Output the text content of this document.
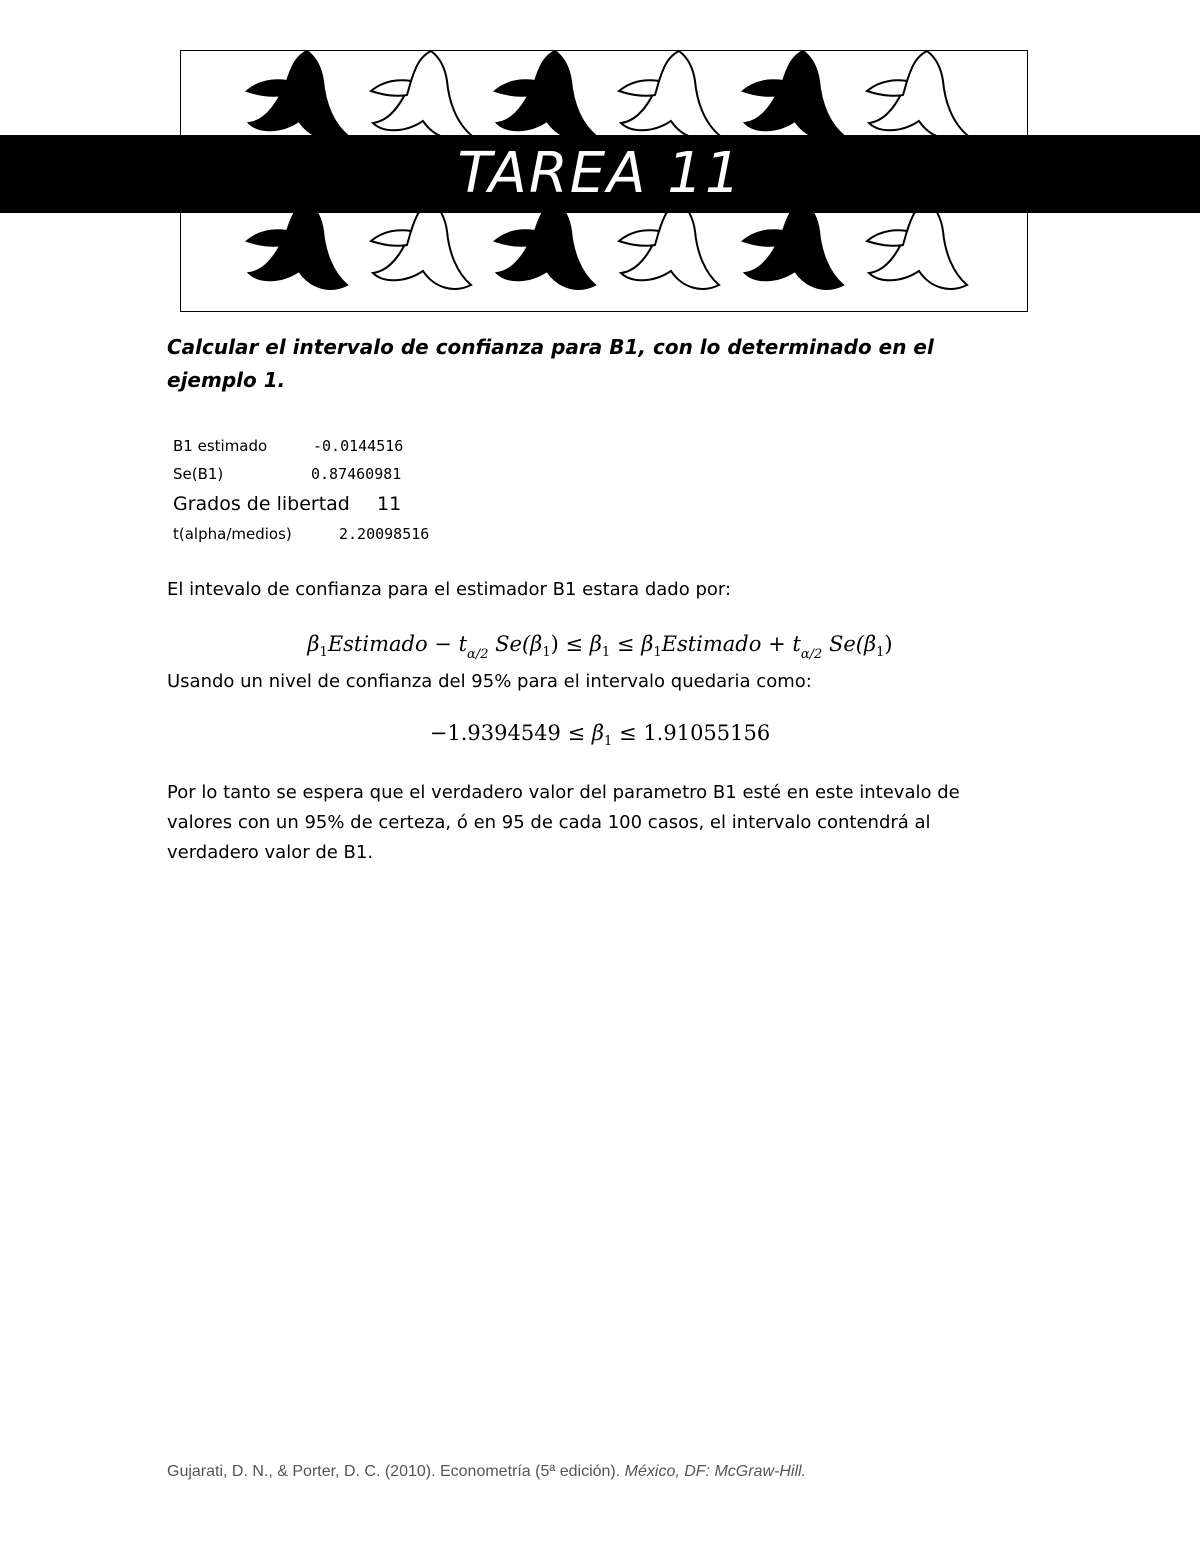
TAREA 11
Calcular el intervalo de confianza para B1, con lo determinado en el ejemplo 1.
B1 estimado	-0.0144516
Se(B1)	0.87460981
Grados de libertad	11
t(alpha/medios)	2.20098516
El intevalo de confianza para el estimador B1 estara dado por:
$\beta_1Estimado - t_{\alpha/2}$ $Se(\beta_1) \le \beta_1$ ≤ $\beta_1Estimado + t_{\alpha/2}$ $Se(\beta_1)$
Usando un nivel de confianza del 95% para el intervalo quedaria como:
$-1.9394549 \le \beta_1 \le 1.91055156$
Por lo tanto se espera que el verdadero valor del parametro B1 esté en este intevalo de valores con un 95% de certeza, ó en 95 de cada 100 casos, el intervalo contendrá al verdadero valor de B1.
Gujarati, D. N., & Porter, D. C. (2010). Econometría (5ª edición). México, DF: McGraw-Hill.
